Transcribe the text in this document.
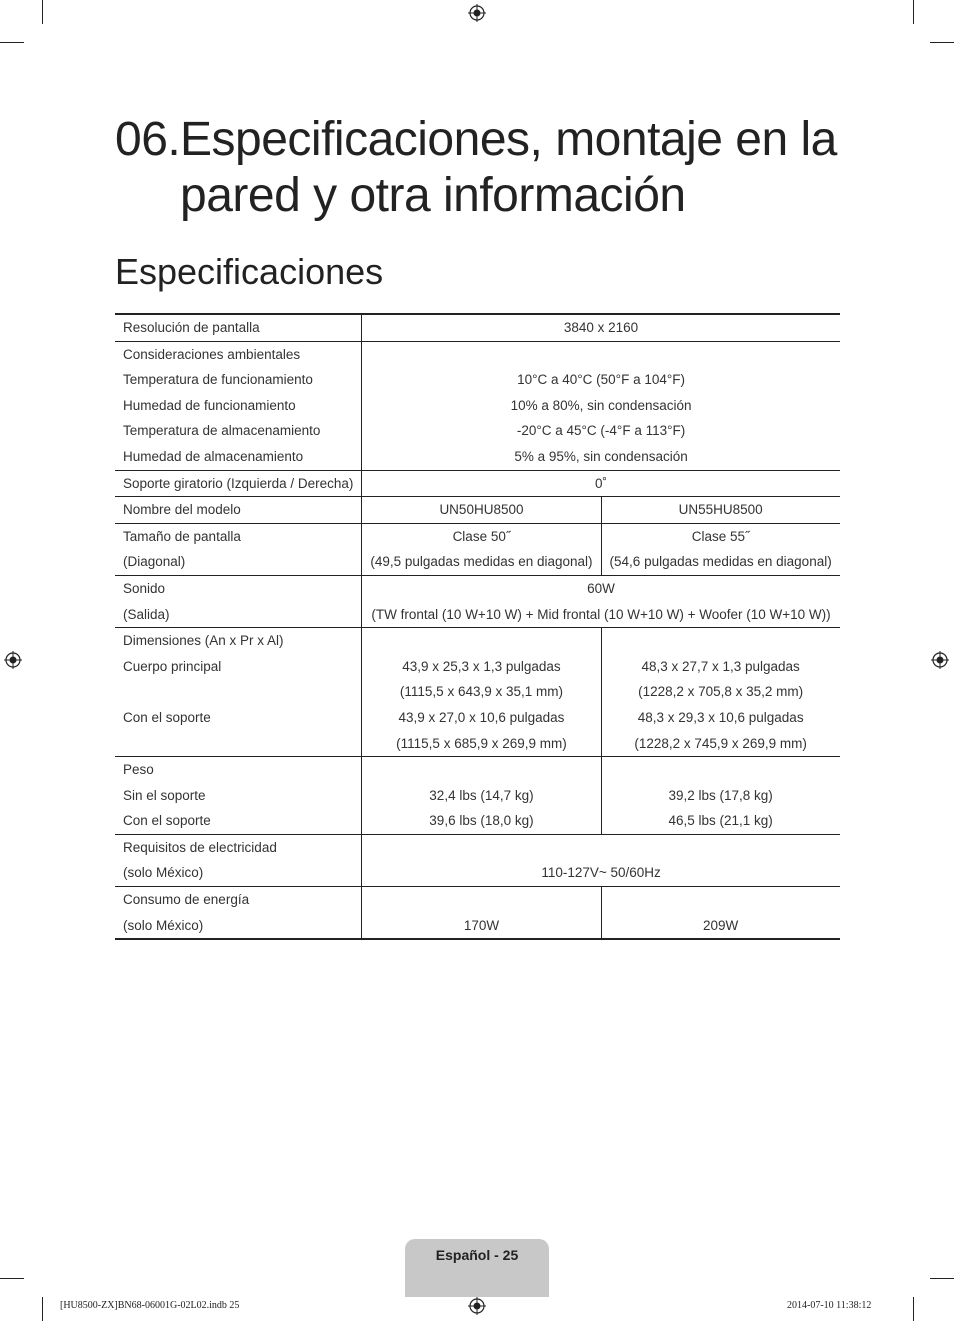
06. Especificaciones, montaje en la
pared y otra información
Especificaciones
Resolución de pantalla	3840 x 2160	
Consideraciones ambientales		
Temperatura de funcionamiento	10°C a 40°C (50°F a 104°F)	
Humedad de funcionamiento	10% a 80%, sin condensación	
Temperatura de almacenamiento	-20°C a 45°C (-4°F a 113°F)	
Humedad de almacenamiento	5% a 95%, sin condensación	
Soporte giratorio (Izquierda / Derecha)	0˚	
Nombre del modelo	UN50HU8500	UN55HU8500
Tamaño de pantalla	Clase 50˝	Clase 55˝
(Diagonal)	(49,5 pulgadas medidas en diagonal)	(54,6 pulgadas medidas en diagonal)
Sonido	60W	
(Salida)	(TW frontal (10 W+10 W) + Mid frontal (10 W+10 W) + Woofer (10 W+10 W))	
Dimensiones (An x Pr x Al)		
Cuerpo principal	43,9 x 25,3 x 1,3 pulgadas	48,3 x 27,7 x 1,3 pulgadas
	(1115,5 x 643,9 x 35,1 mm)	(1228,2 x 705,8 x 35,2 mm)
Con el soporte	43,9 x 27,0 x 10,6 pulgadas	48,3 x 29,3 x 10,6 pulgadas
	(1115,5 x 685,9 x 269,9 mm)	(1228,2 x 745,9 x 269,9 mm)
Peso		
Sin el soporte	32,4 lbs (14,7 kg)	39,2 lbs (17,8 kg)
Con el soporte	39,6 lbs (18,0 kg)	46,5 lbs (21,1 kg)
Requisitos de electricidad		
(solo México)	110-127V~ 50/60Hz	
Consumo de energía		
(solo México)	170W	209W
Español - 25
[HU8500-ZX]BN68-06001G-02L02.indb 25	2014-07-10 11:38:12
